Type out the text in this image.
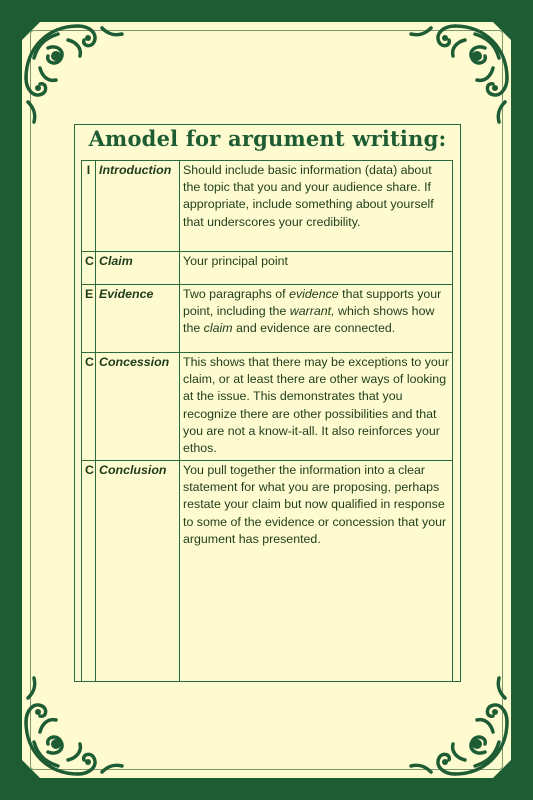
Amodel for argument writing:
I	Introduction	Should include basic information (data) about the topic that you and your audience share. If appropriate, include something about yourself that underscores your credibility.
C	Claim	Your principal point
E	Evidence	Two paragraphs of evidence that supports your point, including the warrant, which shows how the claim and evidence are connected.
C	Concession	This shows that there may be exceptions to your claim, or at least there are other ways of looking at the issue. This demonstrates that you recognize there are other possibilities and that you are not a know-it-all. It also reinforces your ethos.
C	Conclusion	You pull together the information into a clear statement for what you are proposing, perhaps restate your claim but now qualified in response to some of the evidence or concession that your argument has presented.
